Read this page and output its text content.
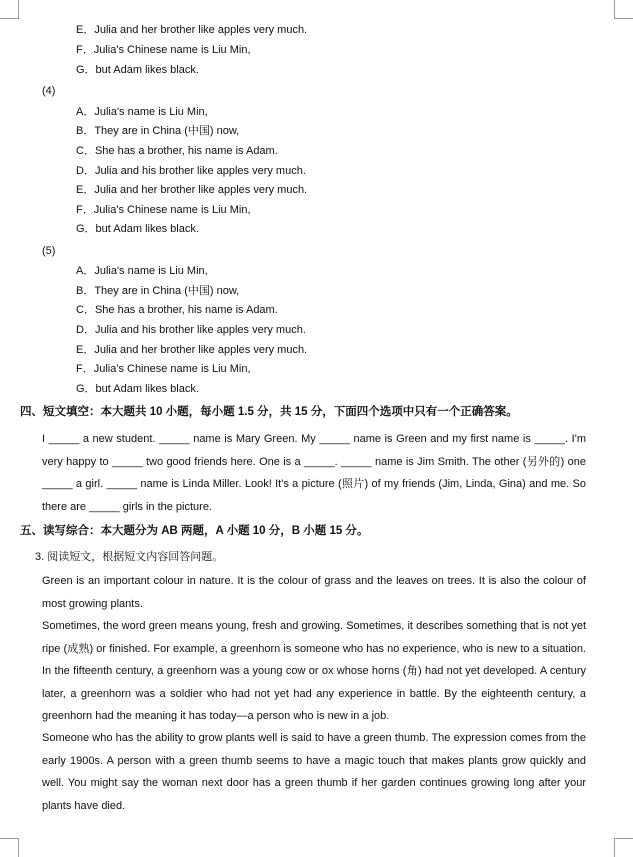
E．Julia and her brother like apples very much.
F．Julia's Chinese name is Liu Min,
G．but Adam likes black.
(4)
A．Julia's name is Liu Min,
B．They are in China (中国) now,
C．She has a brother, his name is Adam.
D．Julia and his brother like apples very much.
E．Julia and her brother like apples very much.
F．Julia's Chinese name is Liu Min,
G．but Adam likes black.
(5)
A．Julia's name is Liu Min,
B．They are in China (中国) now,
C．She has a brother, his name is Adam.
D．Julia and his brother like apples very much.
E．Julia and her brother like apples very much.
F．Julia's Chinese name is Liu Min,
G．but Adam likes black.
四、短文填空：本大题共 10 小题，每小题 1.5 分，共 15 分，下面四个选项中只有一个正确答案。
I _____ a new student. _____ name is Mary Green. My _____ name is Green and my first name is _____. I'm very happy to _____ two good friends here. One is a _____. _____ name is Jim Smith. The other (另外的) one _____ a girl. _____ name is Linda Miller. Look! It's a picture (照片) of my friends (Jim, Linda, Gina) and me. So there are _____ girls in the picture.
五、读写综合：本大题分为 AB 两题，A 小题 10 分，B 小题 15 分。
3. 阅读短文，根据短文内容回答问题。
Green is an important colour in nature. It is the colour of grass and the leaves on trees. It is also the colour of most growing plants.
Sometimes, the word green means young, fresh and growing. Sometimes, it describes something that is not yet ripe (成熟) or finished. For example, a greenhorn is someone who has no experience, who is new to a situation. In the fifteenth century, a greenhorn was a young cow or ox whose horns (角) had not yet developed. A century later, a greenhorn was a soldier who had not yet had any experience in battle. By the eighteenth century, a greenhorn had the meaning it has today—a person who is new in a job.
Someone who has the ability to grow plants well is said to have a green thumb. The expression comes from the early 1900s. A person with a green thumb seems to have a magic touch that makes plants grow quickly and well. You might say the woman next door has a green thumb if her garden continues growing long after your plants have died.
